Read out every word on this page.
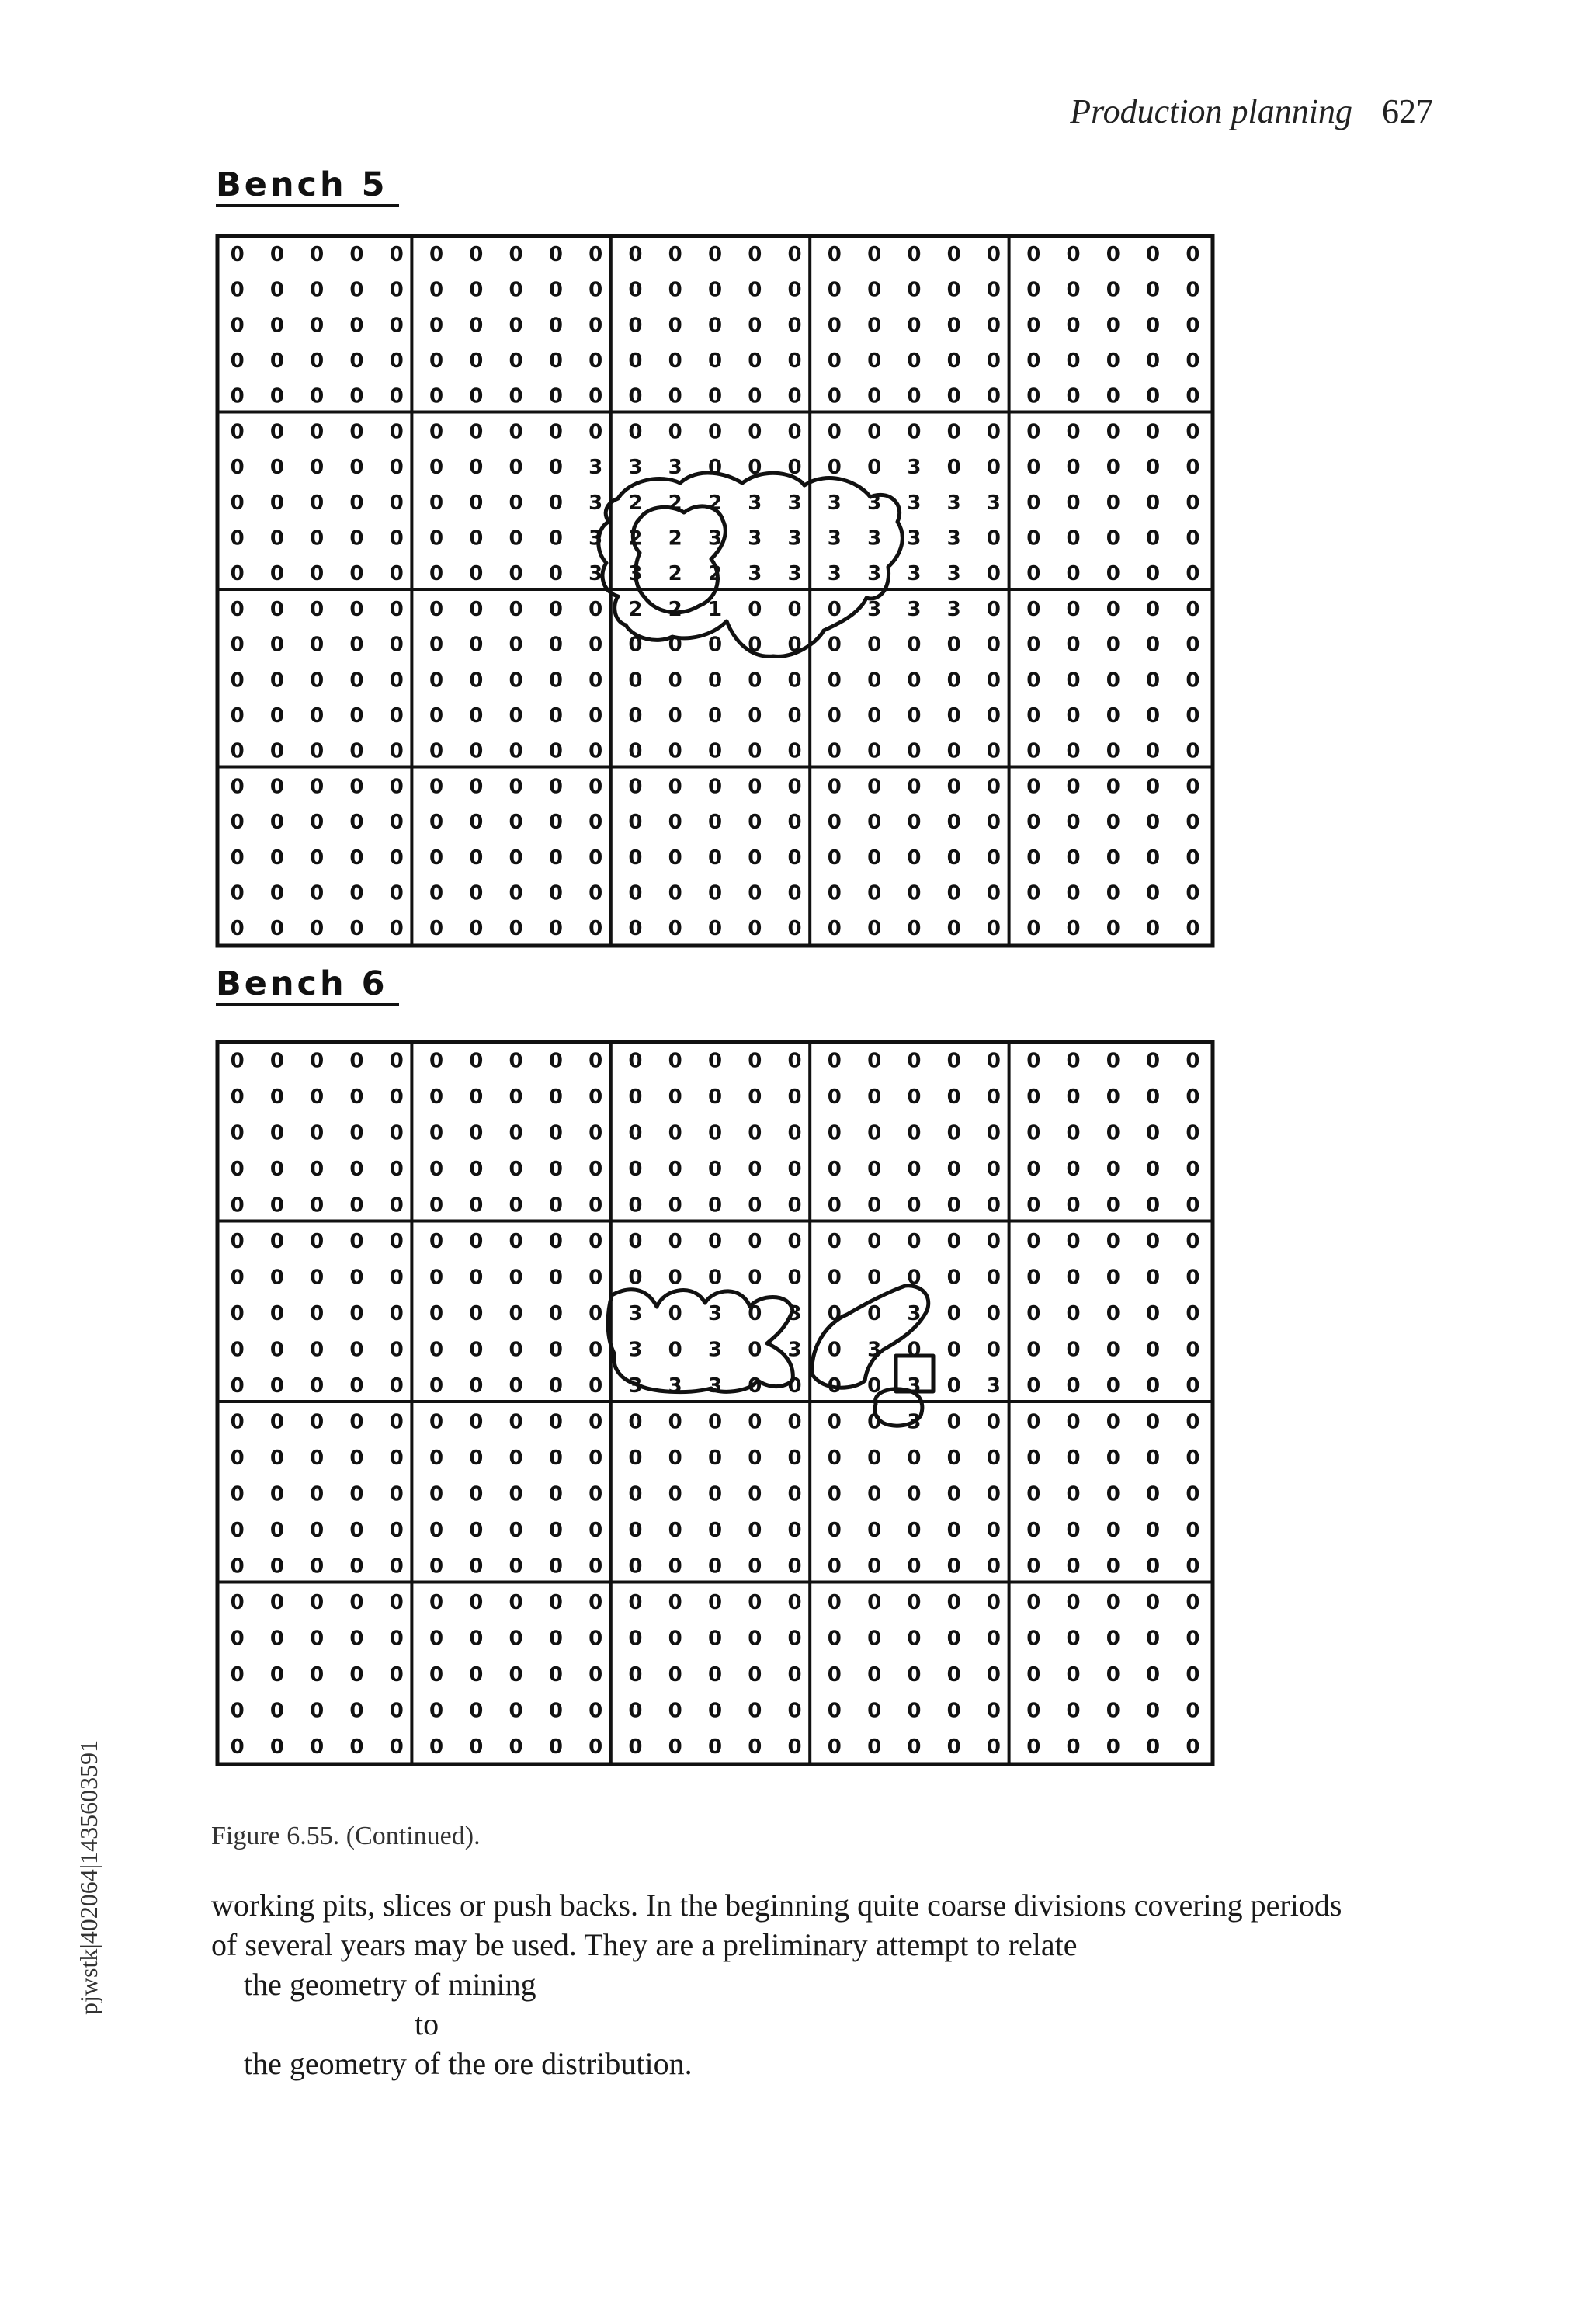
Production planning 627
Bench 5
0 0 0 0 0 0 0 0 0 0 0 0 0 0 0 0 0 0 0 0 0 0 0 0 0
0 0 0 0 0 0 0 0 0 0 0 0 0 0 0 0 0 0 0 0 0 0 0 0 0
0 0 0 0 0 0 0 0 0 0 0 0 0 0 0 0 0 0 0 0 0 0 0 0 0
0 0 0 0 0 0 0 0 0 0 0 0 0 0 0 0 0 0 0 0 0 0 0 0 0
0 0 0 0 0 0 0 0 0 0 0 0 0 0 0 0 0 0 0 0 0 0 0 0 0
0 0 0 0 0 0 0 0 0 0 0 0 0 0 0 0 0 0 0 0 0 0 0 0 0
0 0 0 0 0 0 0 0 0 3 3 3 0 0 0 0 0 3 0 0 0 0 0 0 0
0 0 0 0 0 0 0 0 0 3 2 2 2 3 3 3 3 3 3 3 0 0 0 0 0
0 0 0 0 0 0 0 0 0 3 2 2 3 3 3 3 3 3 3 0 0 0 0 0 0
0 0 0 0 0 0 0 0 0 3 3 2 2 3 3 3 3 3 3 0 0 0 0 0 0
0 0 0 0 0 0 0 0 0 0 2 2 1 0 0 0 3 3 3 0 0 0 0 0 0
0 0 0 0 0 0 0 0 0 0 0 0 0 0 0 0 0 0 0 0 0 0 0 0 0
0 0 0 0 0 0 0 0 0 0 0 0 0 0 0 0 0 0 0 0 0 0 0 0 0
0 0 0 0 0 0 0 0 0 0 0 0 0 0 0 0 0 0 0 0 0 0 0 0 0
0 0 0 0 0 0 0 0 0 0 0 0 0 0 0 0 0 0 0 0 0 0 0 0 0
0 0 0 0 0 0 0 0 0 0 0 0 0 0 0 0 0 0 0 0 0 0 0 0 0
0 0 0 0 0 0 0 0 0 0 0 0 0 0 0 0 0 0 0 0 0 0 0 0 0
0 0 0 0 0 0 0 0 0 0 0 0 0 0 0 0 0 0 0 0 0 0 0 0 0
0 0 0 0 0 0 0 0 0 0 0 0 0 0 0 0 0 0 0 0 0 0 0 0 0
0 0 0 0 0 0 0 0 0 0 0 0 0 0 0 0 0 0 0 0 0 0 0 0 0
Bench 6
0 0 0 0 0 0 0 0 0 0 0 0 0 0 0 0 0 0 0 0 0 0 0 0 0
0 0 0 0 0 0 0 0 0 0 0 0 0 0 0 0 0 0 0 0 0 0 0 0 0
0 0 0 0 0 0 0 0 0 0 0 0 0 0 0 0 0 0 0 0 0 0 0 0 0
0 0 0 0 0 0 0 0 0 0 0 0 0 0 0 0 0 0 0 0 0 0 0 0 0
0 0 0 0 0 0 0 0 0 0 0 0 0 0 0 0 0 0 0 0 0 0 0 0 0
0 0 0 0 0 0 0 0 0 0 0 0 0 0 0 0 0 0 0 0 0 0 0 0 0
0 0 0 0 0 0 0 0 0 0 0 0 0 0 0 0 0 0 0 0 0 0 0 0 0
0 0 0 0 0 0 0 0 0 0 3 0 3 0 3 0 0 3 0 0 0 0 0 0 0
0 0 0 0 0 0 0 0 0 0 3 0 3 0 3 0 3 0 0 0 0 0 0 0 0
0 0 0 0 0 0 0 0 0 0 3 3 3 0 0 0 0 3 0 3 0 0 0 0 0
0 0 0 0 0 0 0 0 0 0 0 0 0 0 0 0 0 3 0 0 0 0 0 0 0
0 0 0 0 0 0 0 0 0 0 0 0 0 0 0 0 0 0 0 0 0 0 0 0 0
0 0 0 0 0 0 0 0 0 0 0 0 0 0 0 0 0 0 0 0 0 0 0 0 0
0 0 0 0 0 0 0 0 0 0 0 0 0 0 0 0 0 0 0 0 0 0 0 0 0
0 0 0 0 0 0 0 0 0 0 0 0 0 0 0 0 0 0 0 0 0 0 0 0 0
0 0 0 0 0 0 0 0 0 0 0 0 0 0 0 0 0 0 0 0 0 0 0 0 0
0 0 0 0 0 0 0 0 0 0 0 0 0 0 0 0 0 0 0 0 0 0 0 0 0
0 0 0 0 0 0 0 0 0 0 0 0 0 0 0 0 0 0 0 0 0 0 0 0 0
0 0 0 0 0 0 0 0 0 0 0 0 0 0 0 0 0 0 0 0 0 0 0 0 0
0 0 0 0 0 0 0 0 0 0 0 0 0 0 0 0 0 0 0 0 0 0 0 0 0
Figure 6.55. (Continued).

working pits, slices or push backs. In the beginning quite coarse divisions covering periods

of several years may be used. They are a preliminary attempt to relate

the geometry of mining

to

the geometry of the ore distribution.

pjwstk|402064|1435603591
